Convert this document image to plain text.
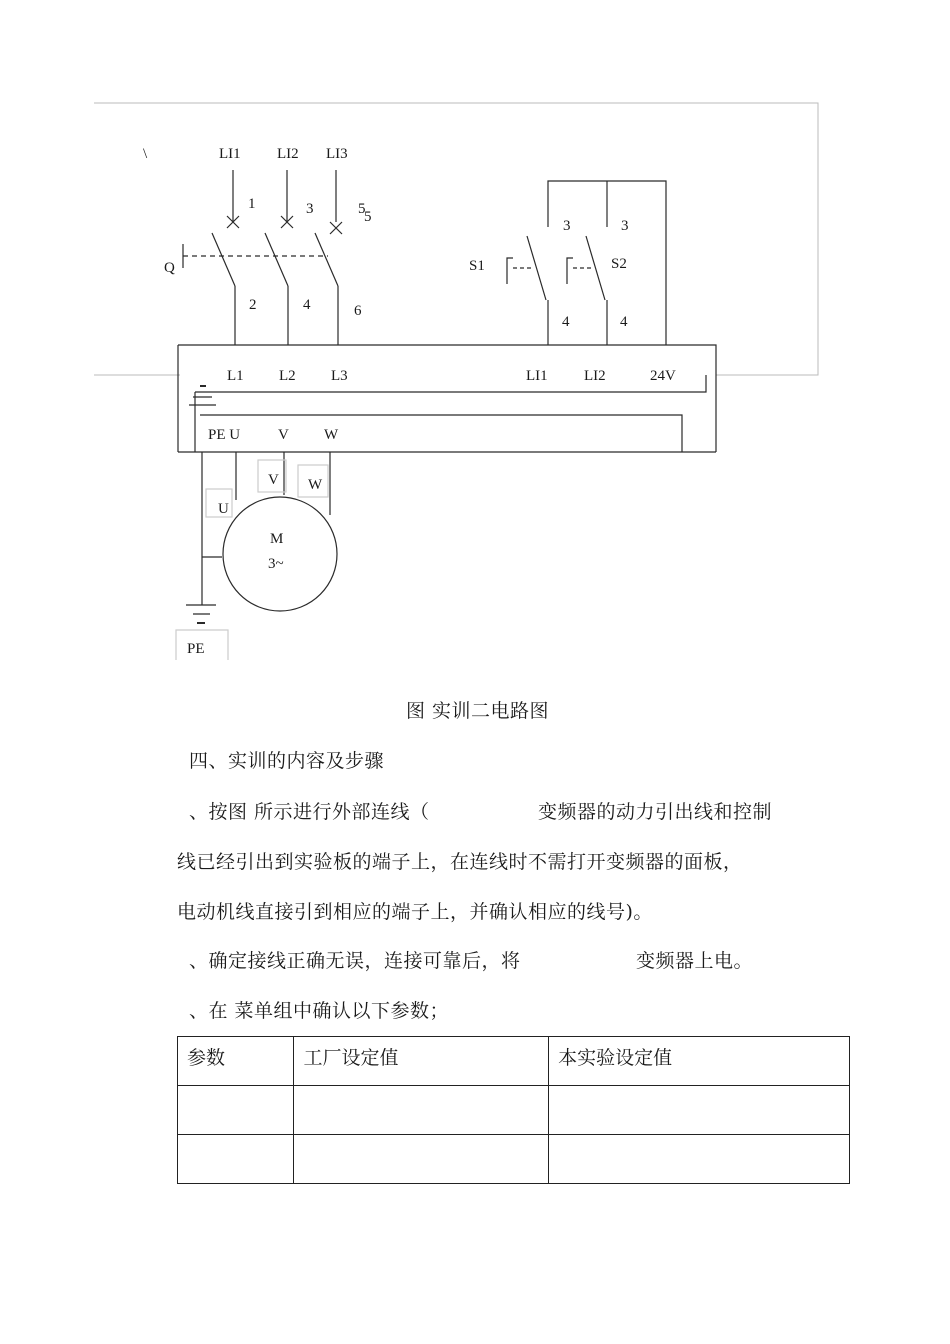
\	LI1 LI2 LI3
1	3	5
5
Q
2	4	6
3	3
S1	S2
4	4
L1 L2 L3	LI1 LI2	24V
PE U	V W
U
V W
M
3~
PE
图 实训二电路图
四、实训的内容及步骤
、按图 所示进行外部连线（	变频器的动力引出线和控制
线已经引出到实验板的端子上，在连线时不需打开变频器的面板，
电动机线直接引到相应的端子上，并确认相应的线号)。
、确定接线正确无误，连接可靠后，将	变频器上电。
、在 菜单组中确认以下参数；
参数	工厂设定值	本实验设定值
